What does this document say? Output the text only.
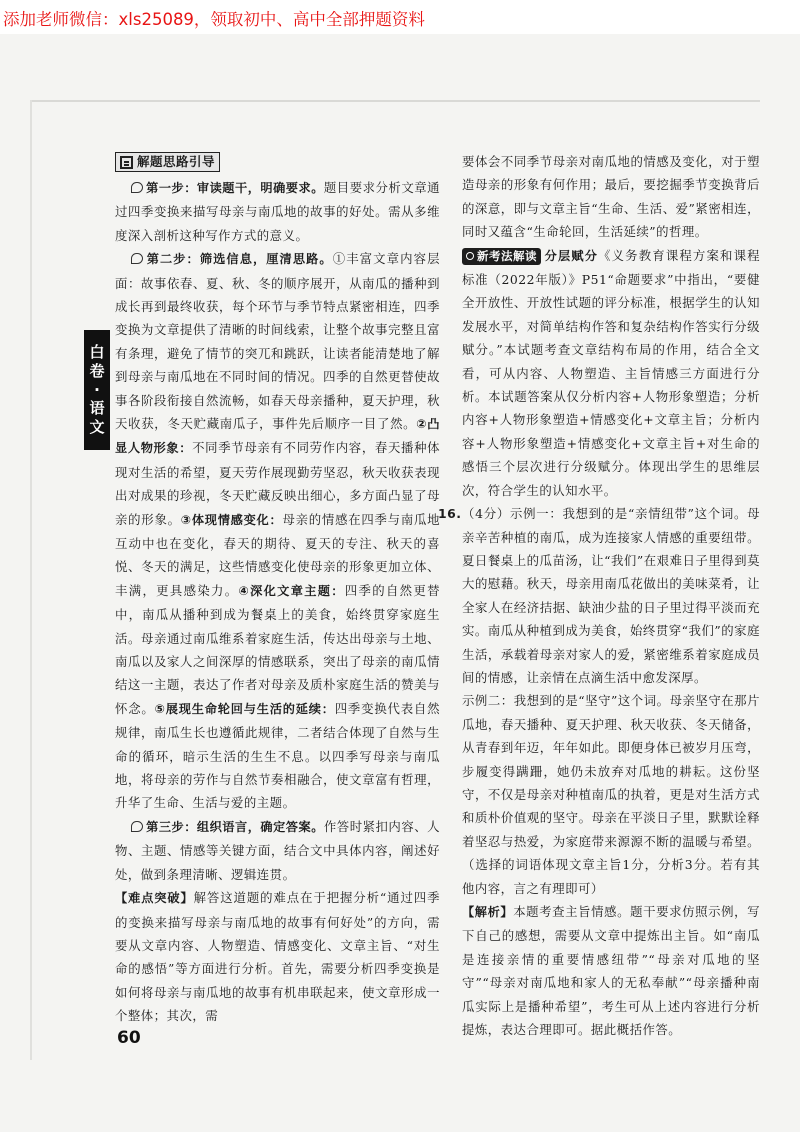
添加老师微信：xls25089，领取初中、高中全部押题资料
白
卷
·
语
文
解题思路引导

第一步：审读题干，明确要求。题目要求分析文章通过四季变换来描写母亲与南瓜地的故事的好处。需从多维度深入剖析这种写作方式的意义。

第二步：筛选信息，厘清思路。①丰富文章内容层面：故事依春、夏、秋、冬的顺序展开，从南瓜的播种到成长再到最终收获，每个环节与季节特点紧密相连，四季变换为文章提供了清晰的时间线索，让整个故事完整且富有条理，避免了情节的突兀和跳跃，让读者能清楚地了解到母亲与南瓜地在不同时间的情况。四季的自然更替使故事各阶段衔接自然流畅，如春天母亲播种，夏天护理，秋天收获，冬天贮藏南瓜子，事件先后顺序一目了然。②凸显人物形象：不同季节母亲有不同劳作内容，春天播种体现对生活的希望，夏天劳作展现勤劳坚忍，秋天收获表现出对成果的珍视，冬天贮藏反映出细心，多方面凸显了母亲的形象。③体现情感变化：母亲的情感在四季与南瓜地互动中也在变化，春天的期待、夏天的专注、秋天的喜悦、冬天的满足，这些情感变化使母亲的形象更加立体、丰满，更具感染力。④深化文章主题：四季的自然更替中，南瓜从播种到成为餐桌上的美食，始终贯穿家庭生活。母亲通过南瓜维系着家庭生活，传达出母亲与土地、南瓜以及家人之间深厚的情感联系，突出了母亲的南瓜情结这一主题，表达了作者对母亲及质朴家庭生活的赞美与怀念。⑤展现生命轮回与生活的延续：四季变换代表自然规律，南瓜生长也遵循此规律，二者结合体现了自然与生命的循环，暗示生活的生生不息。以四季写母亲与南瓜地，将母亲的劳作与自然节奏相融合，使文章富有哲理，升华了生命、生活与爱的主题。

第三步：组织语言，确定答案。作答时紧扣内容、人物、主题、情感等关键方面，结合文中具体内容，阐述好处，做到条理清晰、逻辑连贯。

【难点突破】解答这道题的难点在于把握分析“通过四季的变换来描写母亲与南瓜地的故事有何好处”的方向，需要从文章内容、人物塑造、情感变化、文章主旨、“对生命的感悟”等方面进行分析。首先，需要分析四季变换是如何将母亲与南瓜地的故事有机串联起来，使文章形成一个整体；其次，需

要体会不同季节母亲对南瓜地的情感及变化，对于塑造母亲的形象有何作用；最后，要挖掘季节变换背后的深意，即与文章主旨“生命、生活、爱”紧密相连，同时又蕴含“生命轮回，生活延续”的哲理。

新考法解读 分层赋分《义务教育课程方案和课程标准（2022年版）》P51“命题要求”中指出，“要健全开放性、开放性试题的评分标准，根据学生的认知发展水平，对简单结构作答和复杂结构作答实行分级赋分。”本试题考查文章结构布局的作用，结合全文看，可从内容、人物塑造、主旨情感三方面进行分析。本试题答案从仅分析内容+人物形象塑造；分析内容+人物形象塑造+情感变化+文章主旨；分析内容+人物形象塑造+情感变化+文章主旨+对生命的感悟三个层次进行分级赋分。体现出学生的思维层次，符合学生的认知水平。

16. （4分）示例一：我想到的是“亲情纽带”这个词。母亲辛苦种植的南瓜，成为连接家人情感的重要纽带。夏日餐桌上的瓜苗汤，让“我们”在艰难日子里得到莫大的慰藉。秋天，母亲用南瓜花做出的美味菜肴，让全家人在经济拮据、缺油少盐的日子里过得平淡而充实。南瓜从种植到成为美食，始终贯穿“我们”的家庭生活，承载着母亲对家人的爱，紧密维系着家庭成员间的情感，让亲情在点滴生活中愈发深厚。

示例二：我想到的是“坚守”这个词。母亲坚守在那片瓜地，春天播种、夏天护理、秋天收获、冬天储备，从青春到年迈，年年如此。即便身体已被岁月压弯，步履变得蹒跚，她仍未放弃对瓜地的耕耘。这份坚守，不仅是母亲对种植南瓜的执着，更是对生活方式和质朴价值观的坚守。母亲在平淡日子里，默默诠释着坚忍与热爱，为家庭带来源源不断的温暖与希望。（选择的词语体现文章主旨1分，分析3分。若有其他内容，言之有理即可）

【解析】本题考查主旨情感。题干要求仿照示例，写下自己的感想，需要从文章中提炼出主旨。如“南瓜是连接亲情的重要情感纽带”“母亲对瓜地的坚守”“母亲对南瓜地和家人的无私奉献”“母亲播种南瓜实际上是播种希望”，考生可从上述内容进行分析提炼，表达合理即可。据此概括作答。

60
